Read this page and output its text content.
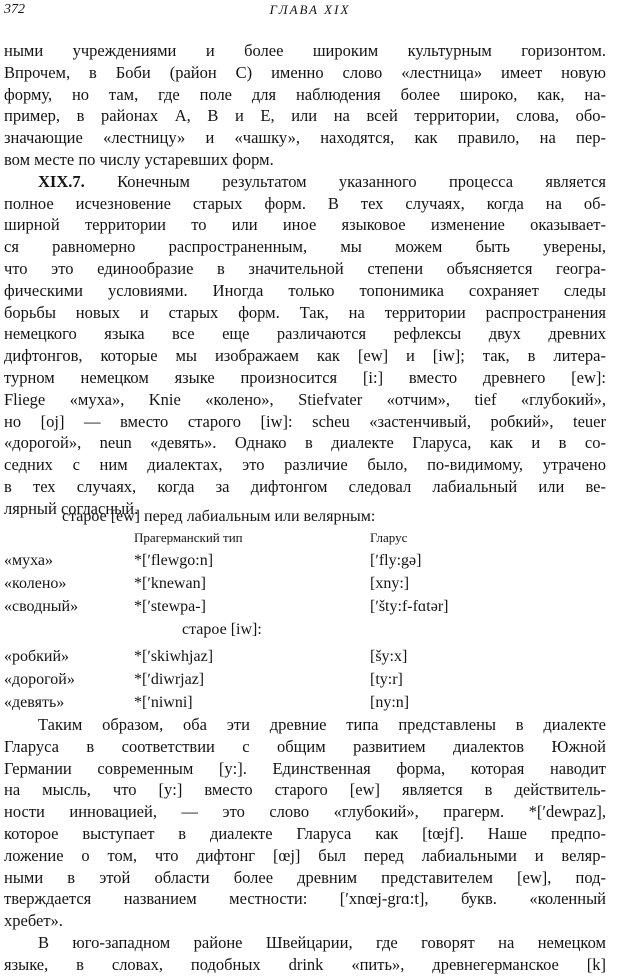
372	ГЛАВА XIX
ными учреждениями и более широким культурным горизонтом.
Впрочем, в Боби (район С) именно слово «лестница» имеет новую
форму, но там, где поле для наблюдения более широко, как, на-
пример, в районах А, В и Е, или на всей территории, слова, обо-
значающие «лестницу» и «чашку», находятся, как правило, на пер-
вом месте по числу устаревших форм.
XIX.7. Конечным результатом указанного процесса является
полное исчезновение старых форм. В тех случаях, когда на об-
ширной территории то или иное языковое изменение оказывает-
ся равномерно распространенным, мы можем быть уверены,
что это единообразие в значительной степени объясняется геогра-
фическими условиями. Иногда только топонимика сохраняет следы
борьбы новых и старых форм. Так, на территории распространения
немецкого языка все еще различаются рефлексы двух древних
дифтонгов, которые мы изображаем как [ew] и [iw]; так, в литера-
турном немецком языке произносится [i:] вместо древнего [ew]:
Fliege «муха», Knie «колено», Stiefvater «отчим», tief «глубокий»,
но [oj] — вместо старого [iw]: scheu «застенчивый, робкий», teuer
«дорогой», neun «девять». Однако в диалекте Гларуса, как и в со-
седних с ним диалектах, это различие было, по-видимому, утрачено
в тех случаях, когда за дифтонгом следовал лабиальный или ве-
лярный согласный.
старое [ew] перед лабиальным или велярным:
Прагерманский тип	Гларус
«муха»	*[ʹflewgo:n]	[ʹfly:gə]
«колено»	*[ʹknewan]	[xny:]
«сводный»	*[ʹstewpa-]	[ʹšty:f-fɑtər]
старое [iw]:
«робкий»	*[ʹskiwhjaz]	[šy:x]
«дорогой»	*[ʹdiwrjaz]	[ty:r]
«девять»	*[ʹniwni]	[ny:n]
Таким образом, оба эти древние типа представлены в диалекте
Гларуса в соответствии с общим развитием диалектов Южной
Германии современным [y:]. Единственная форма, которая наводит
на мысль, что [y:] вместо старого [ew] является в действитель-
ности инновацией, — это слово «глубокий», прагерм. *[ʹdewpaz],
которое выступает в диалекте Гларуса как [tœjf]. Наше предпо-
ложение о том, что дифтонг [œj] был перед лабиальными и веляр-
ными в этой области более древним представителем [ew], под-
тверждается названием местности: [ʹxnœj-grɑ:t], букв. «коленный
хребет».
В юго-западном районе Швейцарии, где говорят на немецком
языке, в словах, подобных drink «пить», древнегерманское [k]
